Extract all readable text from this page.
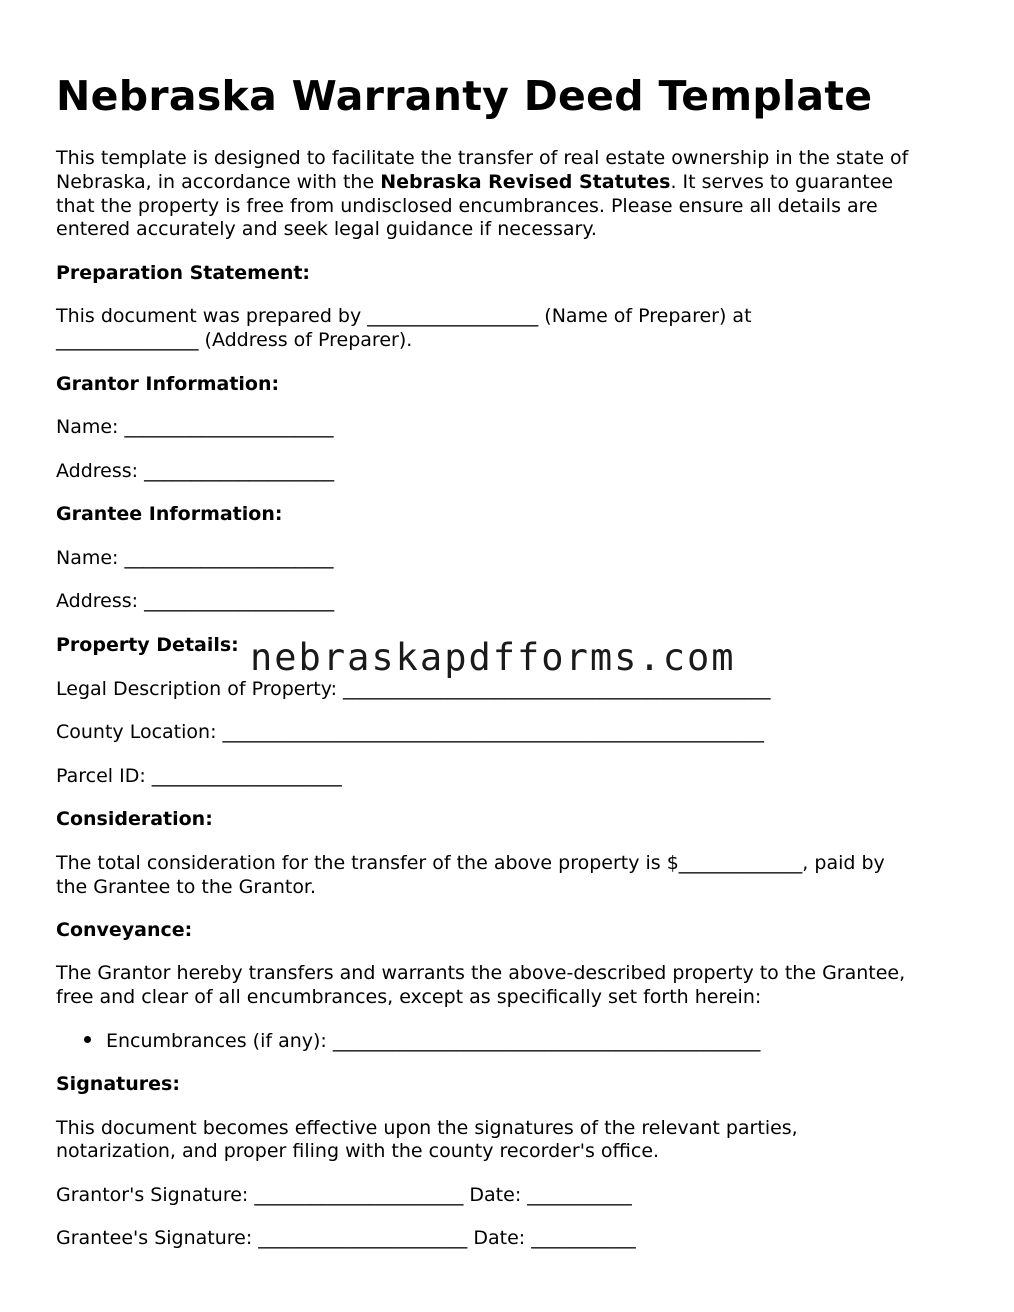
Nebraska Warranty Deed Template

This template is designed to facilitate the transfer of real estate ownership in the state of

Nebraska, in accordance with the Nebraska Revised Statutes. It serves to guarantee

that the property is free from undisclosed encumbrances. Please ensure all details are

entered accurately and seek legal guidance if necessary.

Preparation Statement:

This document was prepared by __________________ (Name of Preparer) at

_______________ (Address of Preparer).

Grantor Information:

Name: ______________________

Address: ____________________

Grantee Information:

Name: ______________________

Address: ____________________

Property Details:

Legal Description of Property: _____________________________________________

County Location: _________________________________________________________

Parcel ID: ____________________

Consideration:

The total consideration for the transfer of the above property is $_____________, paid by

the Grantee to the Grantor.

Conveyance:

The Grantor hereby transfers and warrants the above-described property to the Grantee,

free and clear of all encumbrances, except as specifically set forth herein:

Encumbrances (if any): _____________________________________________

Signatures:

This document becomes effective upon the signatures of the relevant parties,

notarization, and proper filing with the county recorder's office.

Grantor's Signature: ______________________ Date: ___________

Grantee's Signature: ______________________ Date: ___________

nebraskapdfforms.com
